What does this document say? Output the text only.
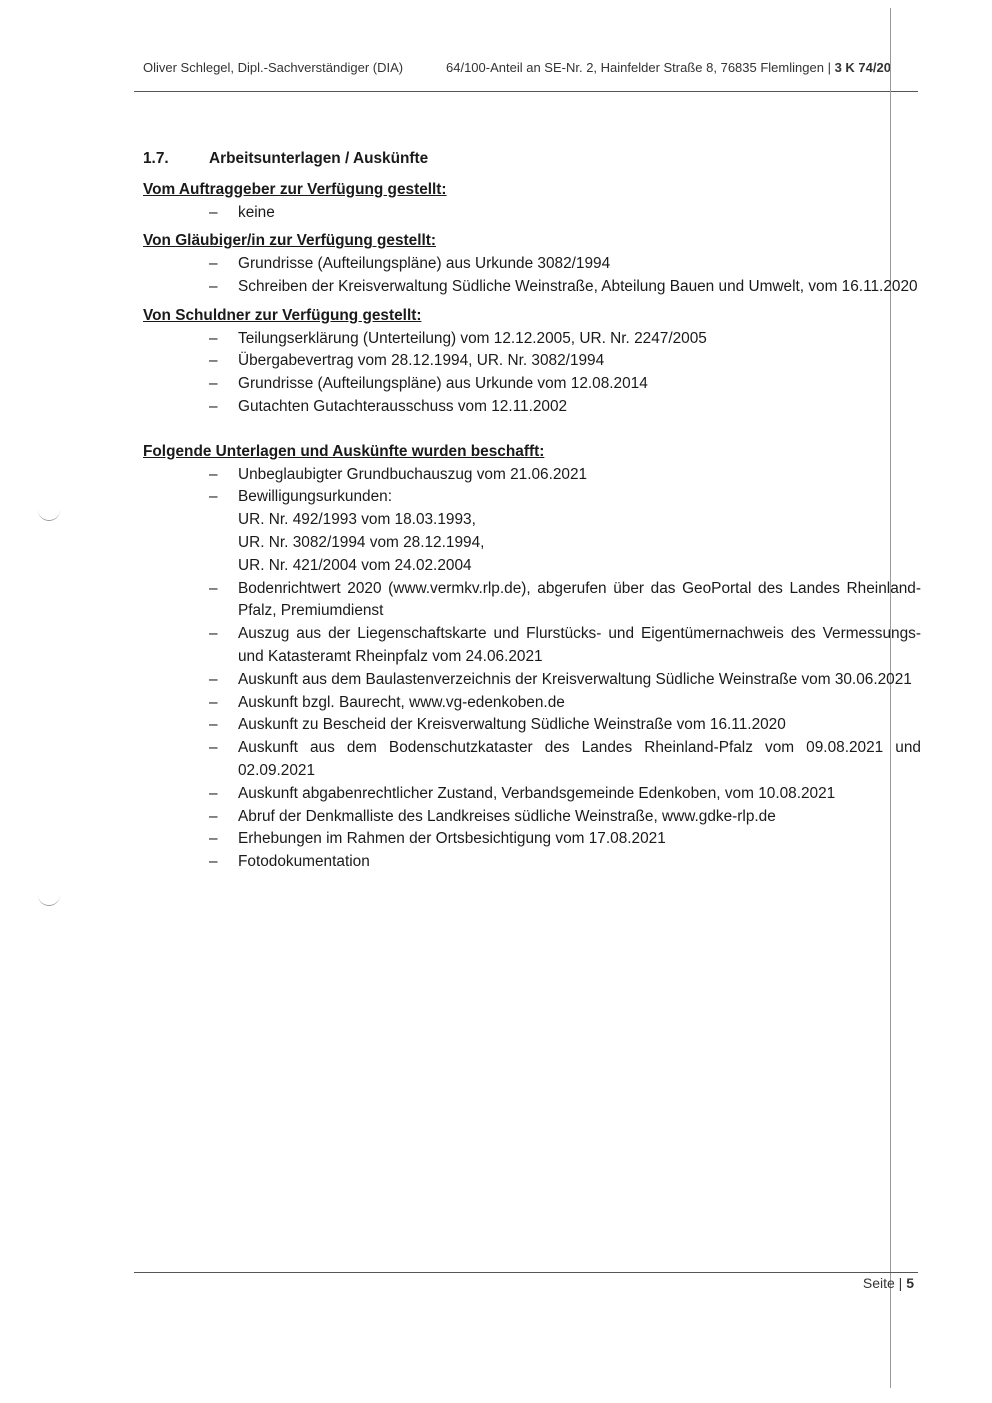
Oliver Schlegel, Dipl.-Sachverständiger (DIA)	64/100-Anteil an SE-Nr. 2, Hainfelder Straße 8, 76835 Flemlingen | 3 K 74/20
1.7.	Arbeitsunterlagen / Auskünfte

Vom Auftraggeber zur Verfügung gestellt:

– keine

Von Gläubiger/in zur Verfügung gestellt:

– Grundrisse (Aufteilungspläne) aus Urkunde 3082/1994
– Schreiben der Kreisverwaltung Südliche Weinstraße, Abteilung Bauen und Umwelt, vom 16.11.2020

Von Schuldner zur Verfügung gestellt:

– Teilungserklärung (Unterteilung) vom 12.12.2005, UR. Nr. 2247/2005
– Übergabevertrag vom 28.12.1994, UR. Nr. 3082/1994
– Grundrisse (Aufteilungspläne) aus Urkunde vom 12.08.2014
– Gutachten Gutachterausschuss vom 12.11.2002

Folgende Unterlagen und Auskünfte wurden beschafft:

– Unbeglaubigter Grundbuchauszug vom 21.06.2021
– Bewilligungsurkunden:
UR. Nr. 492/1993 vom 18.03.1993,
UR. Nr. 3082/1994 vom 28.12.1994,
UR. Nr. 421/2004 vom 24.02.2004
– Bodenrichtwert 2020 (www.vermkv.rlp.de), abgerufen über das GeoPortal des Landes Rheinland-Pfalz, Premiumdienst
– Auszug aus der Liegenschaftskarte und Flurstücks- und Eigentümernachweis des Vermessungs- und Katasteramt Rheinpfalz vom 24.06.2021
– Auskunft aus dem Baulastenverzeichnis der Kreisverwaltung Südliche Weinstraße vom 30.06.2021
– Auskunft bzgl. Baurecht, www.vg-edenkoben.de
– Auskunft zu Bescheid der Kreisverwaltung Südliche Weinstraße vom 16.11.2020
– Auskunft aus dem Bodenschutzkataster des Landes Rheinland-Pfalz vom 09.08.2021 und 02.09.2021
– Auskunft abgabenrechtlicher Zustand, Verbandsgemeinde Edenkoben, vom 10.08.2021
– Abruf der Denkmalliste des Landkreises südliche Weinstraße, www.gdke-rlp.de
– Erhebungen im Rahmen der Ortsbesichtigung vom 17.08.2021
– Fotodokumentation
Seite | 5
